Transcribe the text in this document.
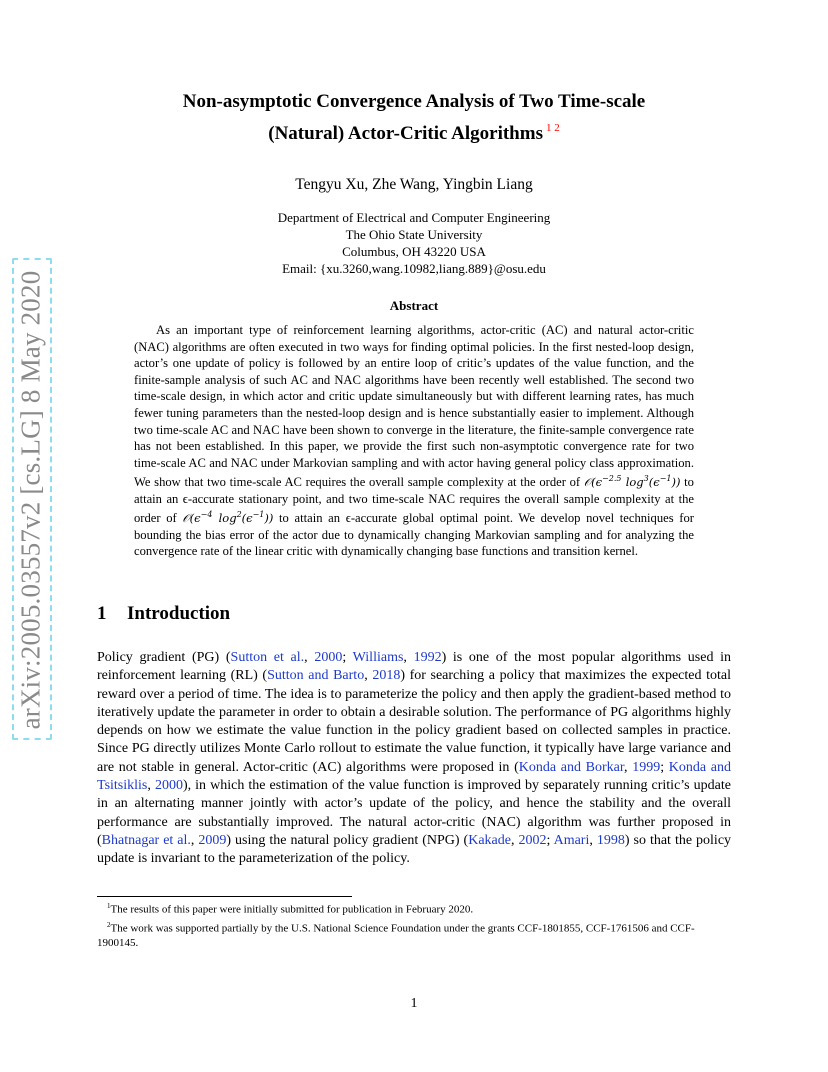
arXiv:2005.03557v2 [cs.LG] 8 May 2020
Non-asymptotic Convergence Analysis of Two Time-scale
(Natural) Actor-Critic Algorithms $^{1 2}$
Tengyu Xu, Zhe Wang, Yingbin Liang
Department of Electrical and Computer Engineering
The Ohio State University
Columbus, OH 43220 USA
Email: {xu.3260,wang.10982,liang.889}@osu.edu
Abstract

As an important type of reinforcement learning algorithms, actor-critic (AC) and natural actor-critic (NAC) algorithms are often executed in two ways for finding optimal policies. In the first nested-loop design, actor’s one update of policy is followed by an entire loop of critic’s updates of the value function, and the finite-sample analysis of such AC and NAC algorithms have been recently well established. The second two time-scale design, in which actor and critic update simultaneously but with different learning rates, has much fewer tuning parameters than the nested-loop design and is hence substantially easier to implement. Although two time-scale AC and NAC have been shown to converge in the literature, the finite-sample convergence rate has not been established. In this paper, we provide the first such non-asymptotic convergence rate for two time-scale AC and NAC under Markovian sampling and with actor having general policy class approximation. We show that two time-scale AC requires the overall sample complexity at the order of $𝒪(\epsilon^{-2.5}$ $\log^3(\epsilon^{-1})$) to attain an ϵ-accurate stationary point, and two time-scale NAC requires the overall sample complexity at the order of $𝒪(\epsilon^{-4}$ $\log^2(\epsilon^{-1})$) to attain an ϵ-accurate global optimal point. We develop novel techniques for bounding the bias error of the actor due to dynamically changing Markovian sampling and for analyzing the convergence rate of the linear critic with dynamically changing base functions and transition kernel.

1 Introduction

Policy gradient (PG) (Sutton et al., 2000; Williams, 1992) is one of the most popular algorithms used in reinforcement learning (RL) (Sutton and Barto, 2018) for searching a policy that maximizes the expected total reward over a period of time. The idea is to parameterize the policy and then apply the gradient-based method to iteratively update the parameter in order to obtain a desirable solution. The performance of PG algorithms highly depends on how we estimate the value function in the policy gradient based on collected samples in practice. Since PG directly utilizes Monte Carlo rollout to estimate the value function, it typically have large variance and are not stable in general. Actor-critic (AC) algorithms were proposed in (Konda and Borkar, 1999; Konda and Tsitsiklis, 2000), in which the estimation of the value function is improved by separately running critic’s update in an alternating manner jointly with actor’s update of the policy, and hence the stability and the overall performance are substantially improved. The natural actor-critic (NAC) algorithm was further proposed in (Bhatnagar et al., 2009) using the natural policy gradient (NPG) (Kakade, 2002; Amari, 1998) so that the policy update is invariant to the parameterization of the policy.

$^1$The results of this paper were initially submitted for publication in February 2020.

$^2$The work was supported partially by the U.S. National Science Foundation under the grants CCF-1801855, CCF-1761506 and CCF-1900145.

1
